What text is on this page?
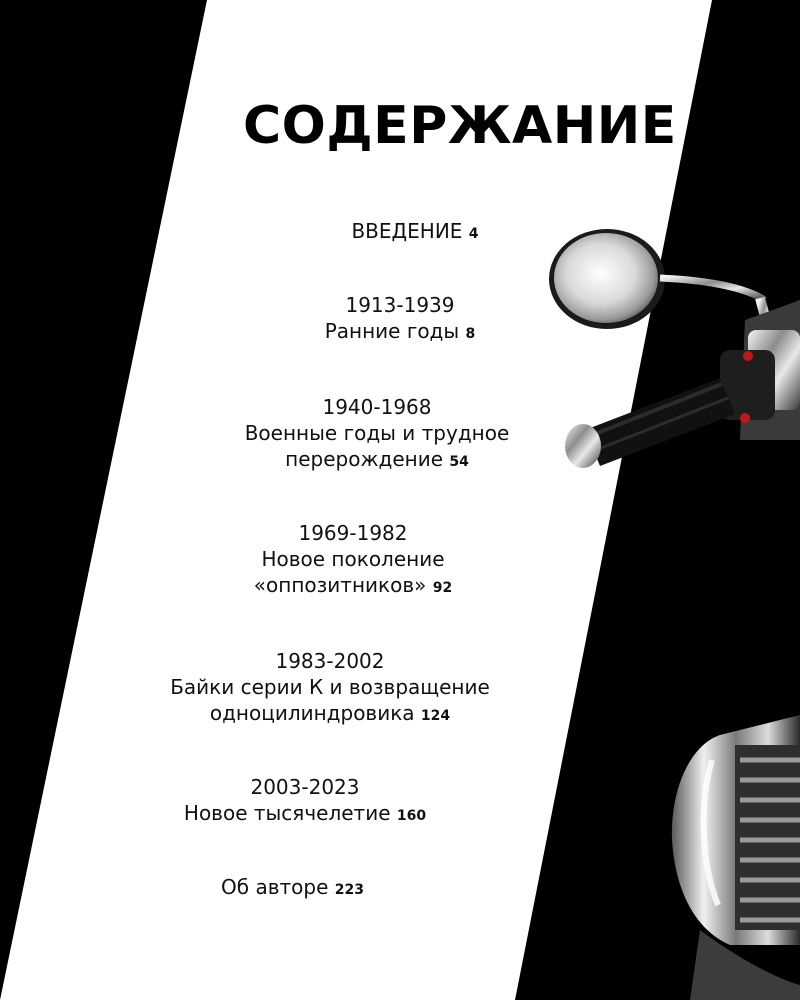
СОДЕРЖАНИЕ
ВВЕДЕНИЕ 4
1913-1939
Ранние годы 8
1940-1968
Военные годы и трудное
перерождение 54
1969-1982
Новое поколение
«оппозитников» 92
1983-2002
Байки серии К и возвращение
одноцилиндровика 124
2003-2023
Новое тысячелетие 160
Об авторе 223
